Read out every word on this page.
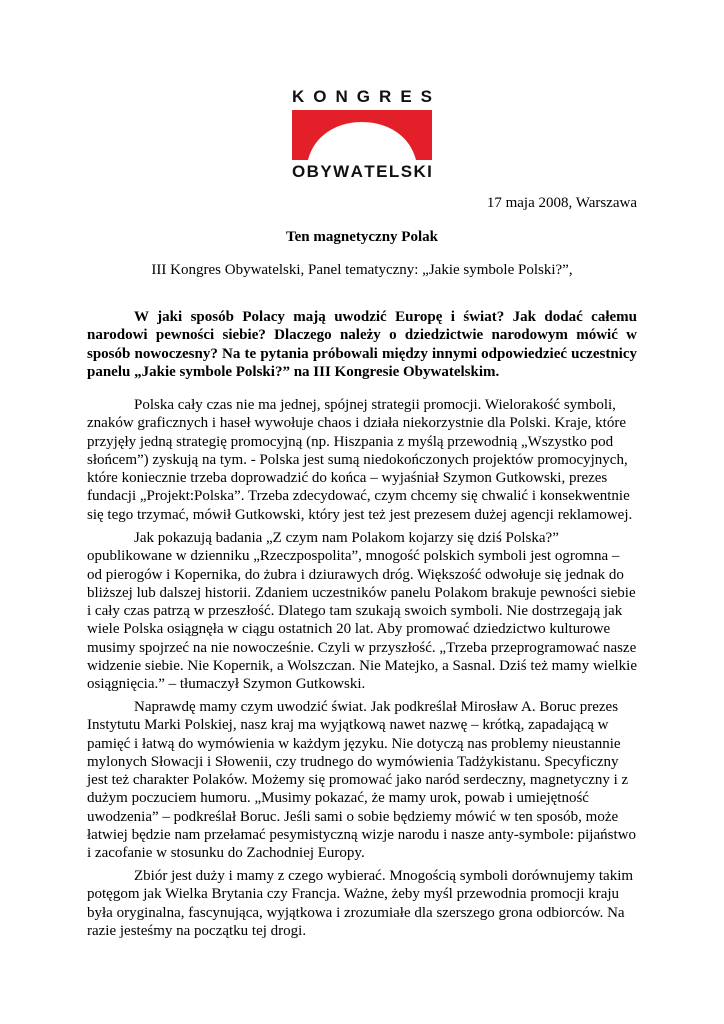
K O N G R E S
O B Y W A T E L S K I
17 maja 2008, Warszawa
Ten magnetyczny Polak
III Kongres Obywatelski, Panel tematyczny: „Jakie symbole Polski?”,

W jaki sposób Polacy mają uwodzić Europę i świat? Jak dodać całemu narodowi pewności siebie? Dlaczego należy o dziedzictwie narodowym mówić w sposób nowoczesny? Na te pytania próbowali między innymi odpowiedzieć uczestnicy panelu „Jakie symbole Polski?” na III Kongresie Obywatelskim.

Polska cały czas nie ma jednej, spójnej strategii promocji. Wielorakość symboli, znaków graficznych i haseł wywołuje chaos i działa niekorzystnie dla Polski. Kraje, które przyjęły jedną strategię promocyjną (np. Hiszpania z myślą przewodnią „Wszystko pod słońcem”) zyskują na tym. - Polska jest sumą niedokończonych projektów promocyjnych, które koniecznie trzeba doprowadzić do końca – wyjaśniał Szymon Gutkowski, prezes fundacji „Projekt:Polska”. Trzeba zdecydować, czym chcemy się chwalić i konsekwentnie się tego trzymać, mówił Gutkowski, który jest też jest prezesem dużej agencji reklamowej.

Jak pokazują badania „Z czym nam Polakom kojarzy się dziś Polska?” opublikowane w dzienniku „Rzeczpospolita”, mnogość polskich symboli jest ogromna – od pierogów i Kopernika, do żubra i dziurawych dróg. Większość odwołuje się jednak do bliższej lub dalszej historii. Zdaniem uczestników panelu Polakom brakuje pewności siebie i cały czas patrzą w przeszłość. Dlatego tam szukają swoich symboli. Nie dostrzegają jak wiele Polska osiągnęła w ciągu ostatnich 20 lat. Aby promować dziedzictwo kulturowe musimy spojrzeć na nie nowocześnie. Czyli w przyszłość. „Trzeba przeprogramować nasze widzenie siebie. Nie Kopernik, a Wolszczan. Nie Matejko, a Sasnal. Dziś też mamy wielkie osiągnięcia.” – tłumaczył Szymon Gutkowski.

Naprawdę mamy czym uwodzić świat. Jak podkreślał Mirosław A. Boruc prezes Instytutu Marki Polskiej, nasz kraj ma wyjątkową nawet nazwę – krótką, zapadającą w pamięć i łatwą do wymówienia w każdym języku. Nie dotyczą nas problemy nieustannie mylonych Słowacji i Słowenii, czy trudnego do wymówienia Tadżykistanu. Specyficzny jest też charakter Polaków. Możemy się promować jako naród serdeczny, magnetyczny i z dużym poczuciem humoru. „Musimy pokazać, że mamy urok, powab i umiejętność uwodzenia” – podkreślał Boruc. Jeśli sami o sobie będziemy mówić w ten sposób, może łatwiej będzie nam przełamać pesymistyczną wizje narodu i nasze anty-symbole: pijaństwo i zacofanie w stosunku do Zachodniej Europy.

Zbiór jest duży i mamy z czego wybierać. Mnogością symboli dorównujemy takim potęgom jak Wielka Brytania czy Francja. Ważne, żeby myśl przewodnia promocji kraju była oryginalna, fascynująca, wyjątkowa i zrozumiałe dla szerszego grona odbiorców. Na razie jesteśmy na początku tej drogi.
